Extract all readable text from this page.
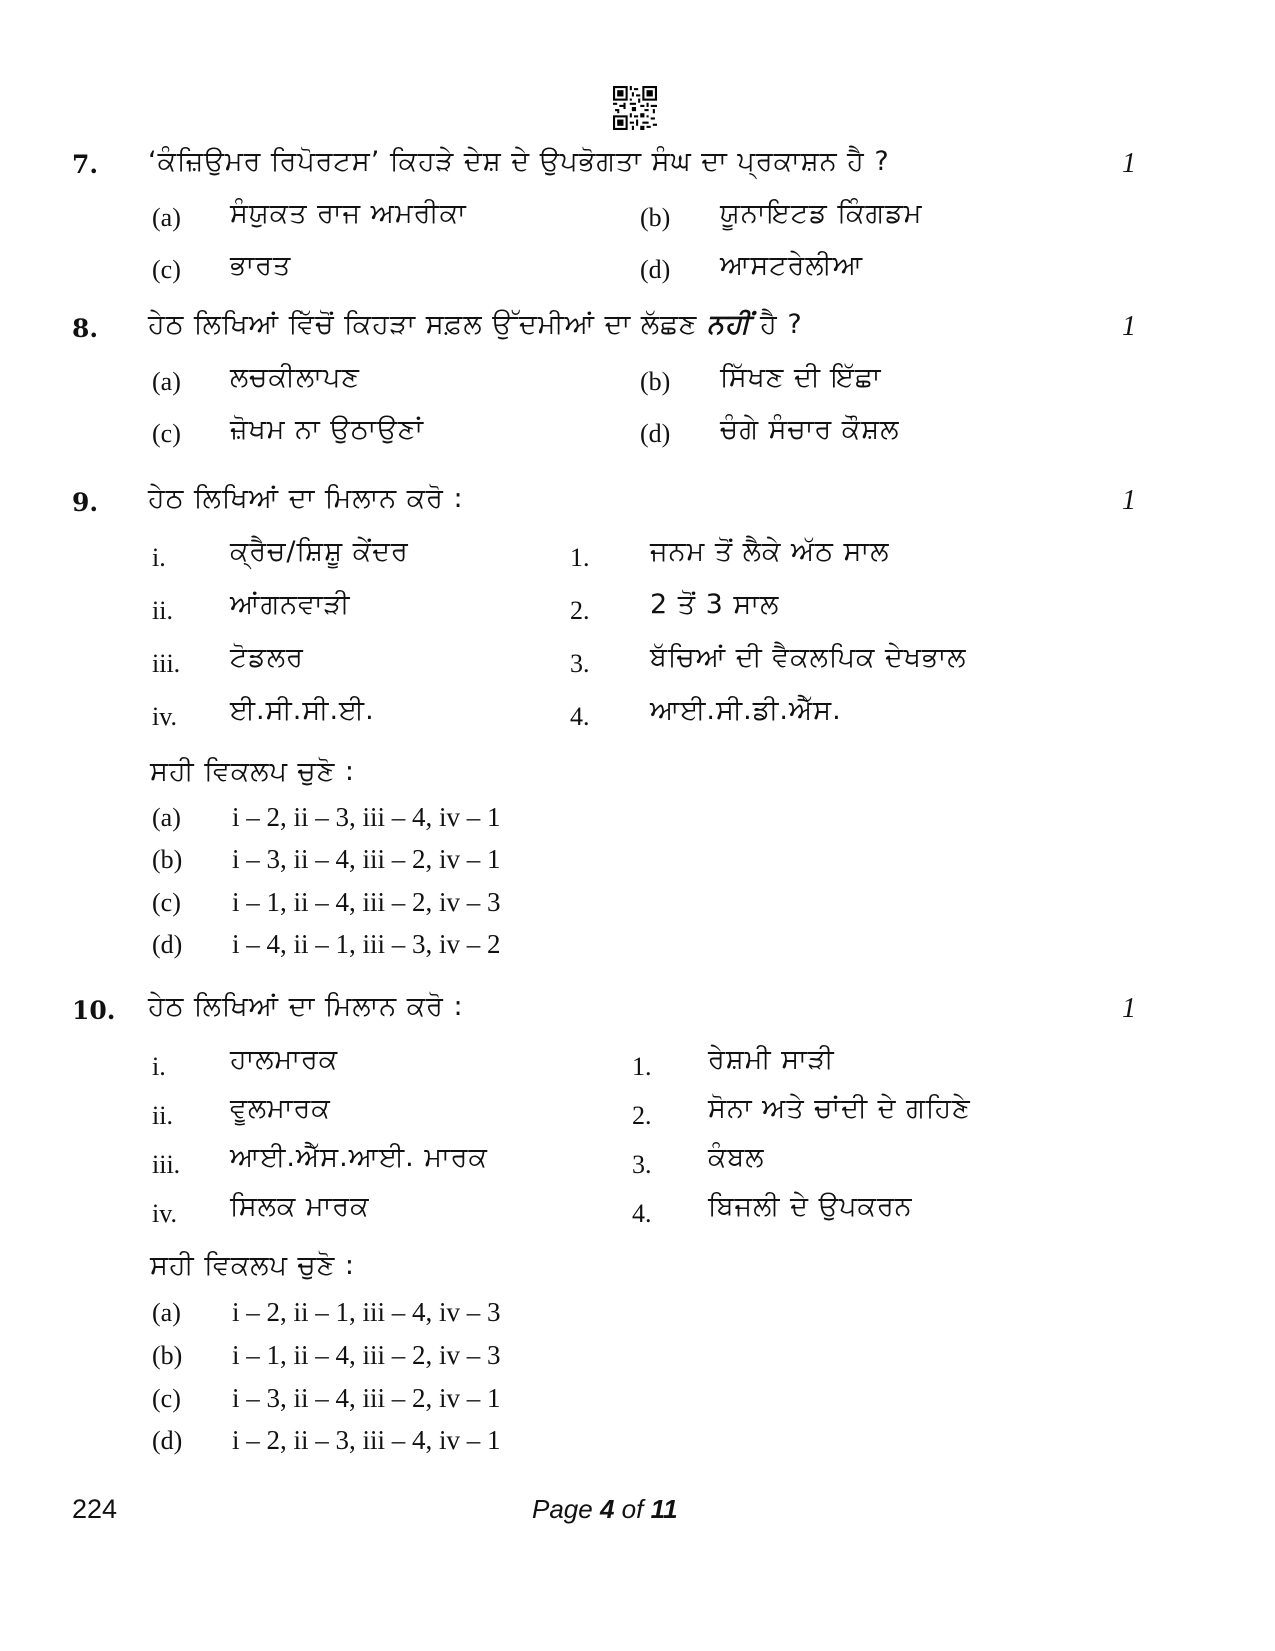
7. ‘ਕੰਜ਼ਿਉਮਰ ਰਿਪੋਰਟਸ’ ਕਿਹੜੇ ਦੇਸ਼ ਦੇ ਉਪਭੋਗਤਾ ਸੰਘ ਦਾ ਪ੍ਰਕਾਸ਼ਨ ਹੈ ?	1
(a) ਸੰਯੁਕਤ ਰਾਜ ਅਮਰੀਕਾ	(b) ਯੂਨਾਇਟਡ ਕਿੰਗਡਮ
(c) ਭਾਰਤ	(d) ਆਸਟਰੇਲੀਆ
8. ਹੇਠ ਲਿਖਿਆਂ ਵਿੱਚੋਂ ਕਿਹੜਾ ਸਫ਼ਲ ਉੱਦਮੀਆਂ ਦਾ ਲੱਛਣ ਨਹੀਂ ਹੈ ?	1
(a) ਲਚਕੀਲਾਪਣ	(b) ਸਿੱਖਣ ਦੀ ਇੱਛਾ
(c) ਜ਼ੋਖਮ ਨਾ ਉਠਾਉਣਾਂ	(d) ਚੰਗੇ ਸੰਚਾਰ ਕੌਸ਼ਲ
9. ਹੇਠ ਲਿਖਿਆਂ ਦਾ ਮਿਲਾਨ ਕਰੋ :	1
i. ਕ੍ਰੈਚ/ਸ਼ਿਸ਼ੂ ਕੇਂਦਰ	1. ਜਨਮ ਤੋਂ ਲੈਕੇ ਅੱਠ ਸਾਲ
ii. ਆਂਗਨਵਾੜੀ	2. 2 ਤੋਂ 3 ਸਾਲ
iii. ਟੋਡਲਰ	3. ਬੱਚਿਆਂ ਦੀ ਵੈਕਲਪਿਕ ਦੇਖਭਾਲ
iv. ਈ.ਸੀ.ਸੀ.ਈ.	4. ਆਈ.ਸੀ.ਡੀ.ਐੱਸ.
ਸਹੀ ਵਿਕਲਪ ਚੁਣੋ :
(a) i – 2, ii – 3, iii – 4, iv – 1
(b) i – 3, ii – 4, iii – 2, iv – 1
(c) i – 1, ii – 4, iii – 2, iv – 3
(d) i – 4, ii – 1, iii – 3, iv – 2
10. ਹੇਠ ਲਿਖਿਆਂ ਦਾ ਮਿਲਾਨ ਕਰੋ :	1
i. ਹਾਲਮਾਰਕ	1. ਰੇਸ਼ਮੀ ਸਾੜੀ
ii. ਵੂਲਮਾਰਕ	2. ਸੋਨਾ ਅਤੇ ਚਾਂਦੀ ਦੇ ਗਹਿਣੇ
iii. ਆਈ.ਐੱਸ.ਆਈ. ਮਾਰਕ	3. ਕੰਬਲ
iv. ਸਿਲਕ ਮਾਰਕ	4. ਬਿਜਲੀ ਦੇ ਉਪਕਰਨ
ਸਹੀ ਵਿਕਲਪ ਚੁਣੋ :
(a) i – 2, ii – 1, iii – 4, iv – 3
(b) i – 1, ii – 4, iii – 2, iv – 3
(c) i – 3, ii – 4, iii – 2, iv – 1
(d) i – 2, ii – 3, iii – 4, iv – 1
224	Page 4 of 11
